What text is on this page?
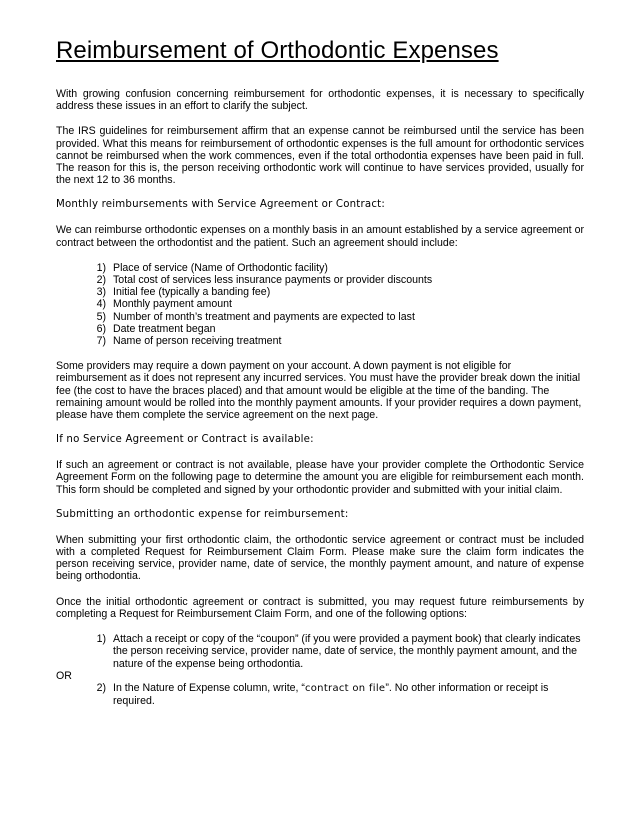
Reimbursement of Orthodontic Expenses

With growing confusion concerning reimbursement for orthodontic expenses, it is necessary to specifically address these issues in an effort to clarify the subject.

The IRS guidelines for reimbursement affirm that an expense cannot be reimbursed until the service has been provided. What this means for reimbursement of orthodontic expenses is the full amount for orthodontic services cannot be reimbursed when the work commences, even if the total orthodontia expenses have been paid in full. The reason for this is, the person receiving orthodontic work will continue to have services provided, usually for the next 12 to 36 months.

Monthly reimbursements with Service Agreement or Contract:

We can reimburse orthodontic expenses on a monthly basis in an amount established by a service agreement or contract between the orthodontist and the patient. Such an agreement should include:

1) Place of service (Name of Orthodontic facility)
2) Total cost of services less insurance payments or provider discounts
3) Initial fee (typically a banding fee)
4) Monthly payment amount
5) Number of month’s treatment and payments are expected to last
6) Date treatment began
7) Name of person receiving treatment

Some providers may require a down payment on your account. A down payment is not eligible for reimbursement as it does not represent any incurred services. You must have the provider break down the initial fee (the cost to have the braces placed) and that amount would be eligible at the time of the banding. The remaining amount would be rolled into the monthly payment amounts. If your provider requires a down payment, please have them complete the service agreement on the next page.

If no Service Agreement or Contract is available:

If such an agreement or contract is not available, please have your provider complete the Orthodontic Service Agreement Form on the following page to determine the amount you are eligible for reimbursement each month. This form should be completed and signed by your orthodontic provider and submitted with your initial claim.

Submitting an orthodontic expense for reimbursement:

When submitting your first orthodontic claim, the orthodontic service agreement or contract must be included with a completed Request for Reimbursement Claim Form. Please make sure the claim form indicates the person receiving service, provider name, date of service, the monthly payment amount, and nature of expense being orthodontia.

Once the initial orthodontic agreement or contract is submitted, you may request future reimbursements by completing a Request for Reimbursement Claim Form, and one of the following options:

1) Attach a receipt or copy of the “coupon” (if you were provided a payment book) that clearly indicates the person receiving service, provider name, date of service, the monthly payment amount, and the nature of the expense being orthodontia.

OR

2) In the Nature of Expense column, write, “contract on file”. No other information or receipt is required.
